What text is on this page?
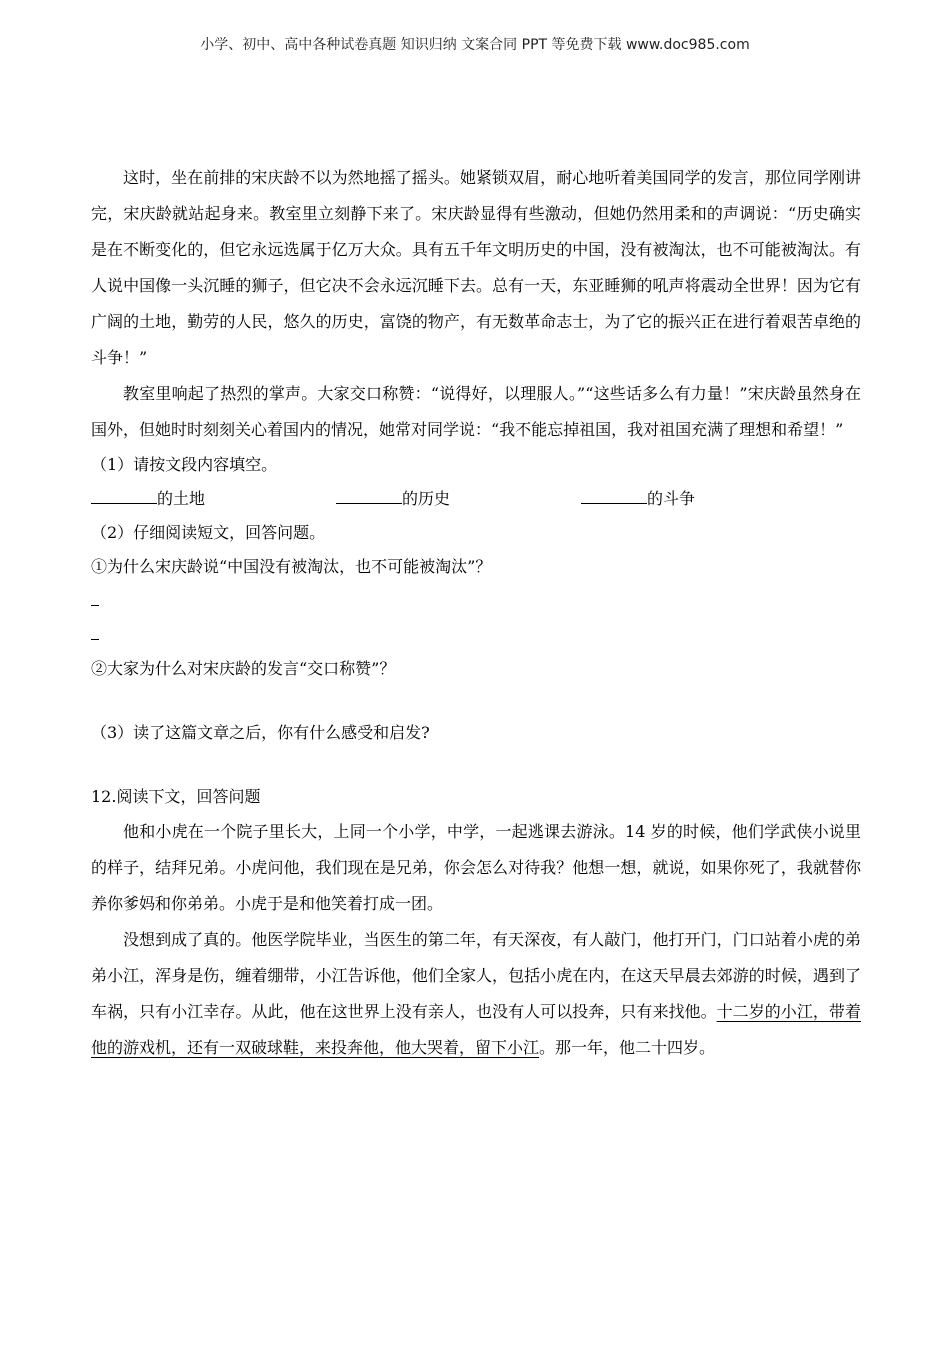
小学、初中、高中各种试卷真题 知识归纳 文案合同 PPT 等免费下载 www.doc985.com

这时，坐在前排的宋庆龄不以为然地摇了摇头。她紧锁双眉，耐心地听着美国同学的发言，那位同学刚讲完，宋庆龄就站起身来。教室里立刻静下来了。宋庆龄显得有些激动，但她仍然用柔和的声调说：“历史确实是在不断变化的，但它永远选属于亿万大众。具有五千年文明历史的中国，没有被淘汰，也不可能被淘汰。有人说中国像一头沉睡的狮子，但它决不会永远沉睡下去。总有一天，东亚睡狮的吼声将震动全世界！因为它有广阔的土地，勤劳的人民，悠久的历史，富饶的物产，有无数革命志士，为了它的振兴正在进行着艰苦卓绝的斗争！”

教室里响起了热烈的掌声。大家交口称赞：“说得好，以理服人。”“这些话多么有力量！”宋庆龄虽然身在国外，但她时时刻刻关心着国内的情况，她常对同学说：“我不能忘掉祖国，我对祖国充满了理想和希望！”

（1）请按文段内容填空。

的土地	的历史	的斗争

（2）仔细阅读短文，回答问题。

①为什么宋庆龄说“中国没有被淘汰，也不可能被淘汰”？

②大家为什么对宋庆龄的发言“交口称赞”？

（3）读了这篇文章之后，你有什么感受和启发?

12.阅读下文，回答问题

他和小虎在一个院子里长大，上同一个小学，中学，一起逃课去游泳。14 岁的时候，他们学武侠小说里的样子，结拜兄弟。小虎问他，我们现在是兄弟，你会怎么对待我？他想一想，就说，如果你死了，我就替你养你爹妈和你弟弟。小虎于是和他笑着打成一团。

没想到成了真的。他医学院毕业，当医生的第二年，有天深夜，有人敲门，他打开门，门口站着小虎的弟弟小江，浑身是伤，缠着绷带，小江告诉他，他们全家人，包括小虎在内，在这天早晨去郊游的时候，遇到了车祸，只有小江幸存。从此，他在这世界上没有亲人，也没有人可以投奔，只有来找他。十二岁的小江，带着他的游戏机，还有一双破球鞋，来投奔他，他大哭着，留下小江。那一年，他二十四岁。
